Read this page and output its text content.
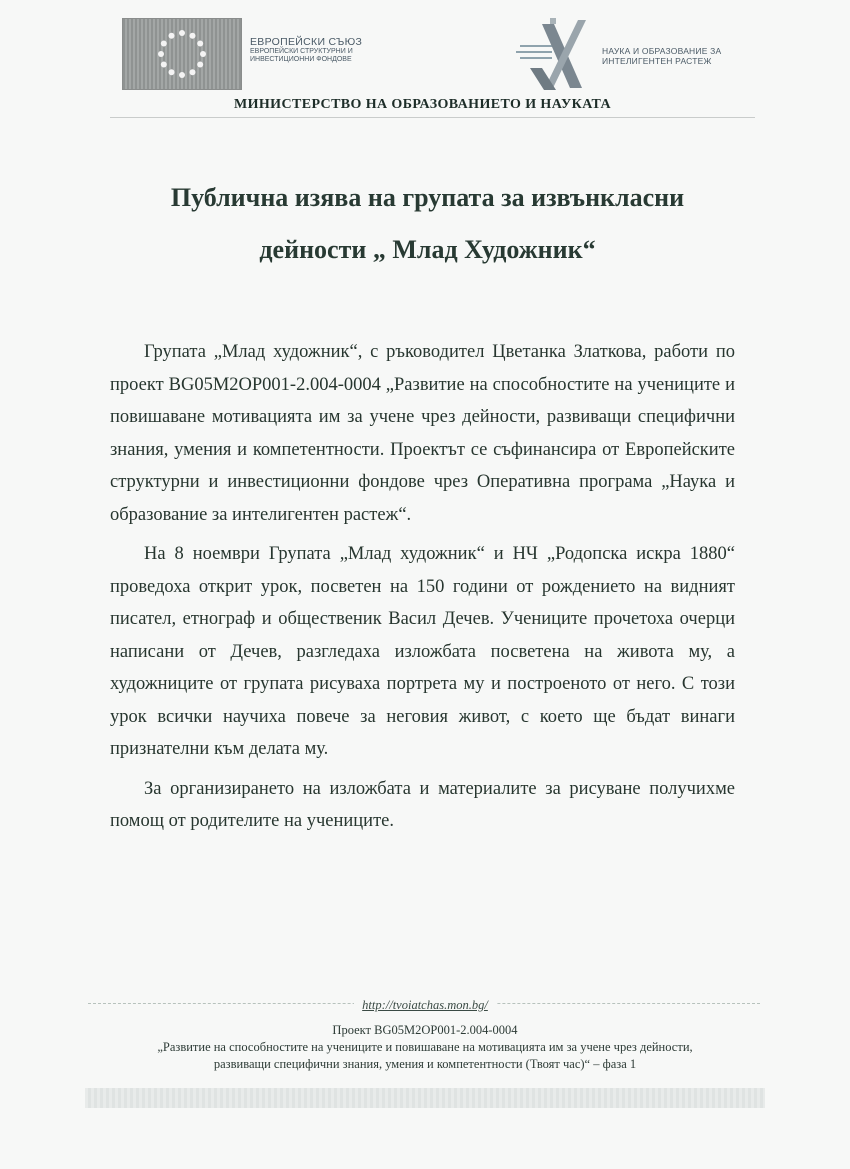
ЕВРОПЕЙСКИ СЪЮЗ
ЕВРОПЕЙСКИ СТРУКТУРНИ И
ИНВЕСТИЦИОННИ ФОНДОВЕ
НАУКА И ОБРАЗОВАНИЕ ЗА
ИНТЕЛИГЕНТЕН РАСТЕЖ
МИНИСТЕРСТВО НА ОБРАЗОВАНИЕТО И НАУКАТА
Публична изява на групата за извънкласни
дейности „ Млад Художник“

Групата „Млад художник“, с ръководител Цветанка Златкова, работи по проект BG05M2OP001-2.004-0004 „Развитие на способностите на учениците и повишаване мотивацията им за учене чрез дейности, развиващи специфични знания, умения и компетентности. Проектът се съфинансира от Европейските структурни и инвестиционни фондове чрез Оперативна програма „Наука и образование за интелигентен растеж“.

На 8 ноември Групата „Млад художник“ и НЧ „Родопска искра 1880“ проведоха открит урок, посветен на 150 години от рождението на видният писател, етнограф и общественик Васил Дечев. Учениците прочетоха очерци написани от Дечев, разгледаха изложбата посветена на живота му, а художниците от групата рисуваха портрета му и построеното от него. С този урок всички научиха повече за неговия живот, с което ще бъдат винаги признателни към делата му.

За организирането на изложбата и материалите за рисуване получихме помощ от родителите на учениците.

http://tvoiatchas.mon.bg/
Проект BG05M2OP001-2.004-0004
„Развитие на способностите на учениците и повишаване на мотивацията им за учене чрез дейности,
развиващи специфични знания, умения и компетентности (Твоят час)“ – фаза 1
